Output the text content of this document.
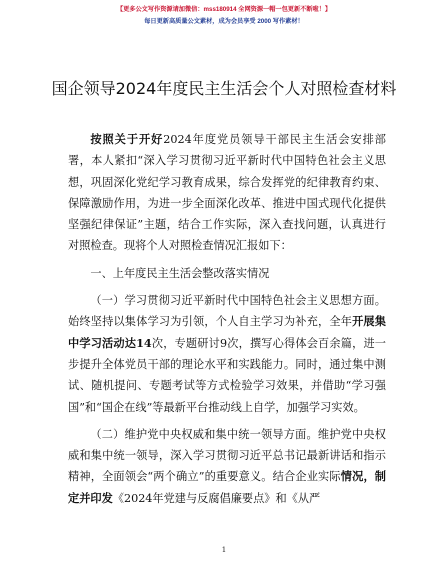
【更多公文写作资源请加微信：mss180914 全网资源一帽一包更新不断啦！】
每日更新高质量公文素材，成为会员享受 2000 写作素材！
国企领导2024年度民主生活会个人对照检查材料

按照关于开好2024年度党员领导干部民主生活会安排部署，本人紧扣“深入学习贯彻习近平新时代中国特色社会主义思想，巩固深化党纪学习教育成果，综合发挥党的纪律教育约束、保障激励作用，为进一步全面深化改革、推进中国式现代化提供坚强纪律保证”主题，结合工作实际，深入查找问题，认真进行对照检查。现将个人对照检查情况汇报如下：

一、上年度民主生活会整改落实情况

（一）学习贯彻习近平新时代中国特色社会主义思想方面。始终坚持以集体学习为引领，个人自主学习为补充，全年开展集中学习活动达14次，专题研讨9次，撰写心得体会百余篇，进一步提升全体党员干部的理论水平和实践能力。同时，通过集中测试、随机提问、专题考试等方式检验学习效果，并借助“学习强国”和“国企在线”等最新平台推动线上自学，加强学习实效。

（二）维护党中央权威和集中统一领导方面。维护党中央权威和集中统一领导，深入学习贯彻习近平总书记最新讲话和指示精神，全面领会“两个确立”的重要意义。结合企业实际情况，制定并印发《2024年党建与反腐倡廉要点》和《从严

1
